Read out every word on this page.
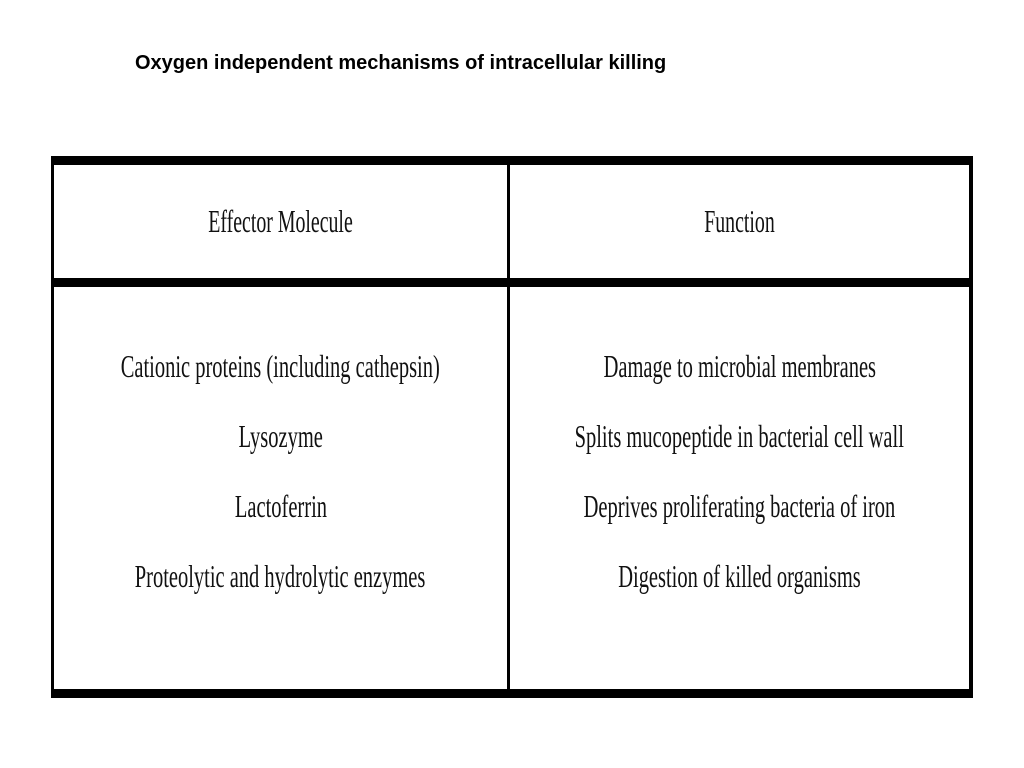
Oxygen independent mechanisms of intracellular killing
Effector Molecule	Function
Cationic proteins (including cathepsin)
Lysozyme
Lactoferrin
Proteolytic and hydrolytic enzymes
Damage to microbial membranes
Splits mucopeptide in bacterial cell wall
Deprives proliferating bacteria of iron
Digestion of killed organisms
